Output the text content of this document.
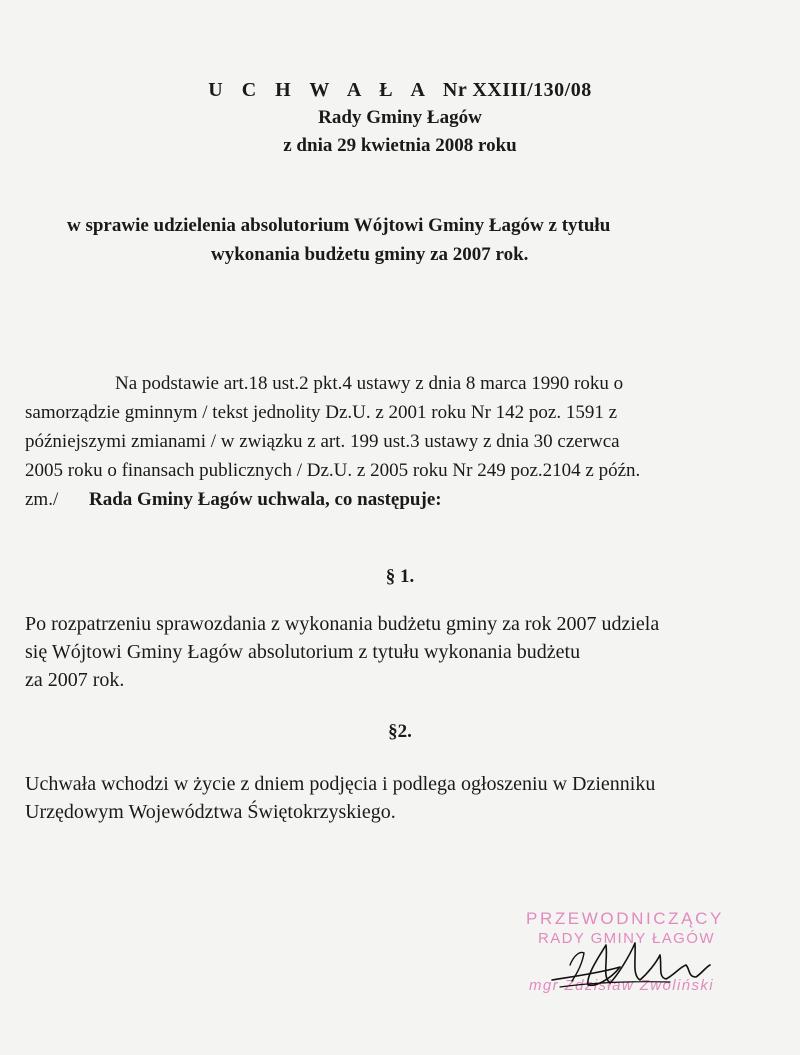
U C H W A Ł A Nr XXIII/130/08
Rady Gminy Łagów
z dnia 29 kwietnia 2008 roku
w sprawie udzielenia absolutorium Wójtowi Gminy Łagów z tytułu
wykonania budżetu gminy za 2007 rok.
Na podstawie art.18 ust.2 pkt.4 ustawy z dnia 8 marca 1990 roku o
samorządzie gminnym / tekst jednolity Dz.U. z 2001 roku Nr 142 poz. 1591 z
późniejszymi zmianami / w związku z art. 199 ust.3 ustawy z dnia 30 czerwca
2005 roku o finansach publicznych / Dz.U. z 2005 roku Nr 249 poz.2104 z późn.
zm./ Rada Gminy Łagów uchwala, co następuje:
§ 1.
Po rozpatrzeniu sprawozdania z wykonania budżetu gminy za rok 2007 udziela
się Wójtowi Gminy Łagów absolutorium z tytułu wykonania budżetu
za 2007 rok.
§2.
Uchwała wchodzi w życie z dniem podjęcia i podlega ogłoszeniu w Dzienniku
Urzędowym Województwa Świętokrzyskiego.
PRZEWODNICZĄCY
RADY GMINY ŁAGÓW
mgr Zdzisław Zwoliński
